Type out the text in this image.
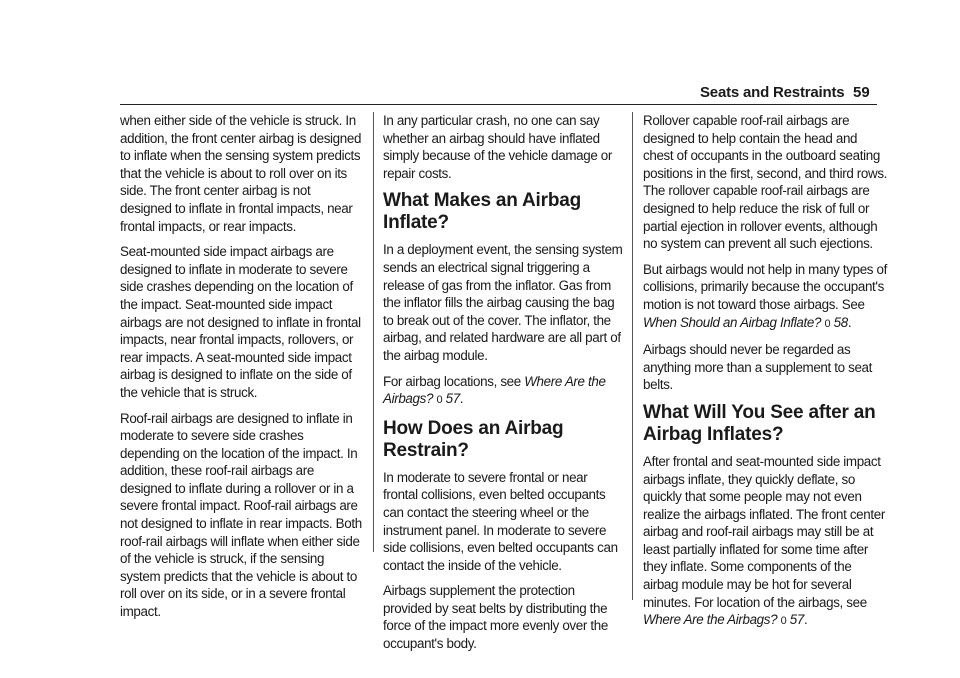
Seats and Restraints 59

when either side of the vehicle is struck. In addition, the front center airbag is designed to inflate when the sensing system predicts that the vehicle is about to roll over on its side. The front center airbag is not designed to inflate in frontal impacts, near frontal impacts, or rear impacts.

Seat-mounted side impact airbags are designed to inflate in moderate to severe side crashes depending on the location of the impact. Seat-mounted side impact airbags are not designed to inflate in frontal impacts, near frontal impacts, rollovers, or rear impacts. A seat-mounted side impact airbag is designed to inflate on the side of the vehicle that is struck.

Roof-rail airbags are designed to inflate in moderate to severe side crashes depending on the location of the impact. In addition, these roof-rail airbags are designed to inflate during a rollover or in a severe frontal impact. Roof-rail airbags are not designed to inflate in rear impacts. Both roof-rail airbags will inflate when either side of the vehicle is struck, if the sensing system predicts that the vehicle is about to roll over on its side, or in a severe frontal impact.

In any particular crash, no one can say whether an airbag should have inflated simply because of the vehicle damage or repair costs.

What Makes an Airbag Inflate?

In a deployment event, the sensing system sends an electrical signal triggering a release of gas from the inflator. Gas from the inflator fills the airbag causing the bag to break out of the cover. The inflator, the airbag, and related hardware are all part of the airbag module.

For airbag locations, see Where Are the Airbags? 0 57.

How Does an Airbag Restrain?

In moderate to severe frontal or near frontal collisions, even belted occupants can contact the steering wheel or the instrument panel. In moderate to severe side collisions, even belted occupants can contact the inside of the vehicle.

Airbags supplement the protection provided by seat belts by distributing the force of the impact more evenly over the
occupant's body.

Rollover capable roof-rail airbags are designed to help contain the head and chest of occupants in the outboard seating positions in the first, second, and third rows. The rollover capable roof-rail airbags are designed to help reduce the risk of full or partial ejection in rollover events, although no system can prevent all such ejections.

But airbags would not help in many types of collisions, primarily because the occupant's motion is not toward those airbags. See When Should an Airbag Inflate? 0 58.

Airbags should never be regarded as anything more than a supplement to seat belts.

What Will You See after an
Airbag Inflates?

After frontal and seat-mounted side impact airbags inflate, they quickly deflate, so quickly that some people may not even realize the airbags inflated. The front center airbag and roof-rail airbags may still be at least partially inflated for some time after they inflate. Some components of the airbag module may be hot for several minutes. For location of the airbags, see Where Are the Airbags? 0 57.
